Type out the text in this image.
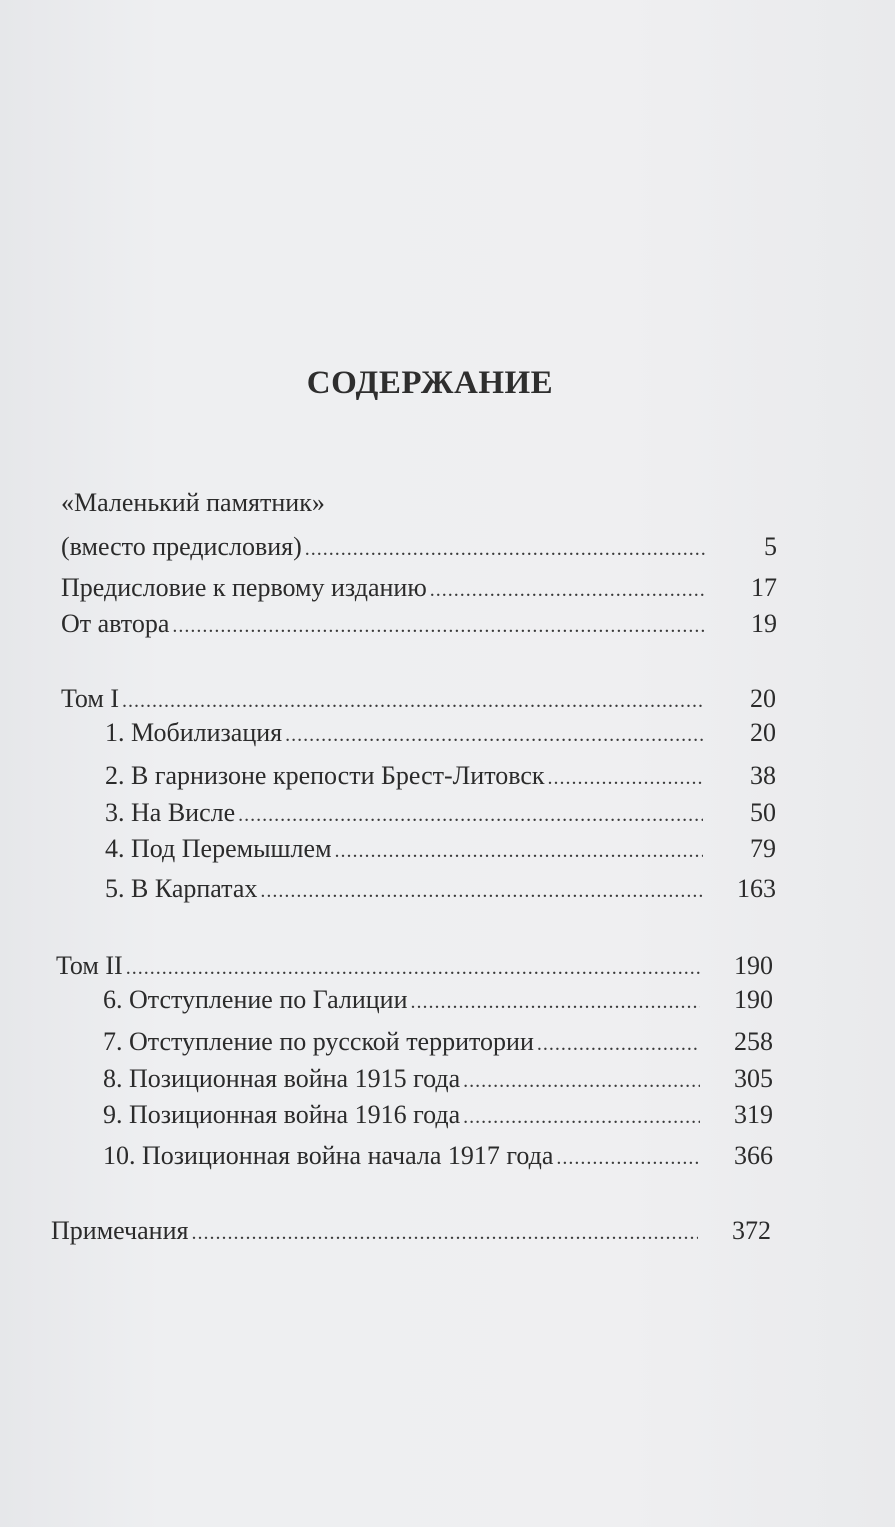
СОДЕРЖАНИЕ
«Маленький памятник»
(вместо предисловия) .....	5
Предисловие к первому изданию .....	17
От автора .....	19
Том I .....	20
1. Мобилизация .....	20
2. В гарнизоне крепости Брест-Литовск .....	38
3. На Висле .....	50
4. Под Перемышлем .....	79
5. В Карпатах .....	163
Том II .....	190
6. Отступление по Галиции .....	190
7. Отступление по русской территории .....	258
8. Позиционная война 1915 года .....	305
9. Позиционная война 1916 года .....	319
10. Позиционная война начала 1917 года .....	366
Примечания .....	372
